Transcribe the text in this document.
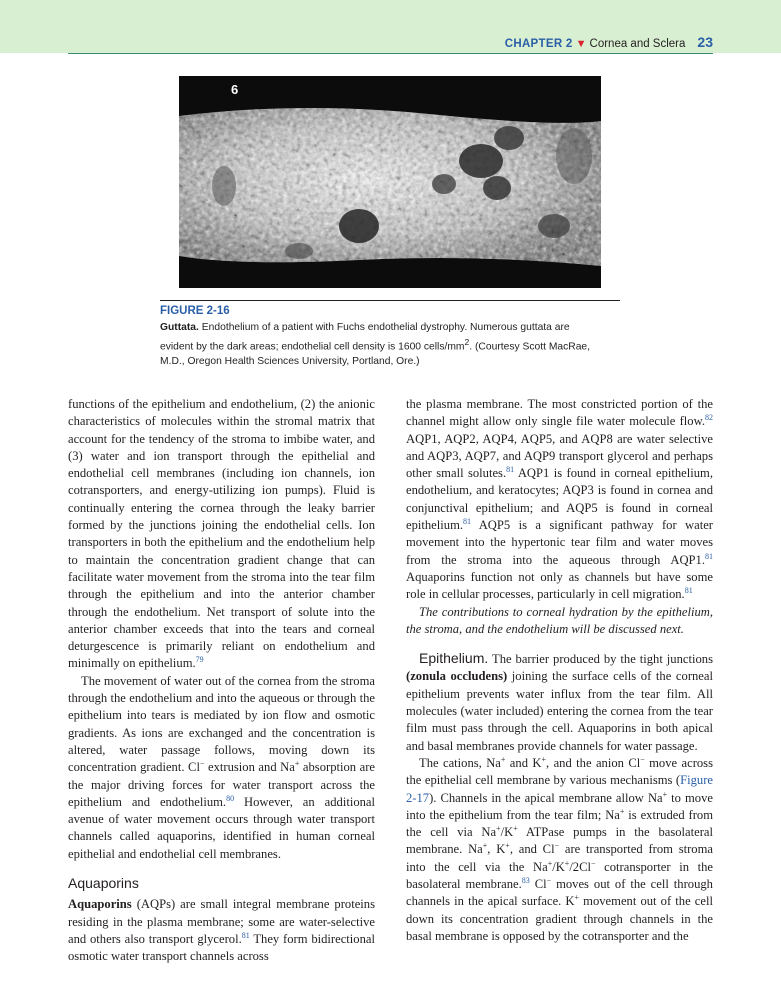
CHAPTER 2 ▼ Cornea and Sclera 23
6
FIGURE 2-16
Guttata. Endothelium of a patient with Fuchs endothelial dystrophy. Numerous guttata are evident by the dark areas; endothelial cell density is 1600 cells/$mm^2$. (Courtesy Scott MacRae, M.D., Oregon Health Sciences University, Portland, Ore.)

functions of the epithelium and endothelium, (2) the anionic characteristics of molecules within the stromal matrix that account for the tendency of the stroma to imbibe water, and (3) water and ion transport through the epithelial and endothelial cell membranes (including ion channels, ion cotransporters, and energy-utilizing ion pumps). Fluid is continually entering the cornea through the leaky barrier formed by the junctions joining the endothelial cells. Ion transporters in both the epithelium and the endothelium help to maintain the concentration gradient change that can facilitate water movement from the stroma into the tear film through the epithelium and into the anterior chamber through the endothelium. Net transport of solute into the anterior chamber exceeds that into the tears and corneal deturgescence is primarily reliant on endothelium and minimally on epithelium.$^{79}$

The movement of water out of the cornea from the stroma through the endothelium and into the aqueous or through the epithelium into tears is mediated by ion flow and osmotic gradients. As ions are exchanged and the concentration is altered, water passage follows, moving down its concentration gradient. Cl− extrusion and Na+ absorption are the major driving forces for water transport across the epithelium and endothelium.$^{80}$ However, an additional avenue of water movement occurs through water transport channels called aquaporins, identified in human corneal epithelial and endothelial cell membranes.

Aquaporins

Aquaporins (AQPs) are small integral membrane proteins residing in the plasma membrane; some are water-selective and others also transport glycerol.$^{81}$ They form bidirectional osmotic water transport channels across

the plasma membrane. The most constricted portion of the channel might allow only single file water molecule flow.$^{82}$ AQP1, AQP2, AQP4, AQP5, and AQP8 are water selective and AQP3, AQP7, and AQP9 transport glycerol and perhaps other small solutes.$^{81}$ AQP1 is found in corneal epithelium, endothelium, and keratocytes; AQP3 is found in cornea and conjunctival epithelium; and AQP5 is found in corneal epithelium.$^{81}$ AQP5 is a significant pathway for water movement into the hypertonic tear film and water moves from the stroma into the aqueous through AQP1.81 Aquaporins function not only as channels but have some role in cellular processes, particularly in cell migration.$^{81}$

The contributions to corneal hydration by the epithelium, the stroma, and the endothelium will be discussed next.

Epithelium. The barrier produced by the tight junctions (zonula occludens) joining the surface cells of the corneal epithelium prevents water influx from the tear film. All molecules (water included) entering the cornea from the tear film must pass through the cell. Aquaporins in both apical and basal membranes provide channels for water passage.

The cations, Na+ and K+, and the anion Cl− move across the epithelial cell membrane by various mechanisms (Figure 2-17). Channels in the apical membrane allow Na+ to move into the epithelium from the tear film; Na+ is extruded from the cell via Na+/K+ ATPase pumps in the basolateral membrane. Na+, K+, and Cl− are transported from stroma into the cell via the Na+/K+/2Cl− cotransporter in the basolateral membrane.$^{83}$ Cl− moves out of the cell through channels in the apical surface. K+ movement out of the cell down its concentration gradient through channels in the basal membrane is opposed by the cotransporter and the
